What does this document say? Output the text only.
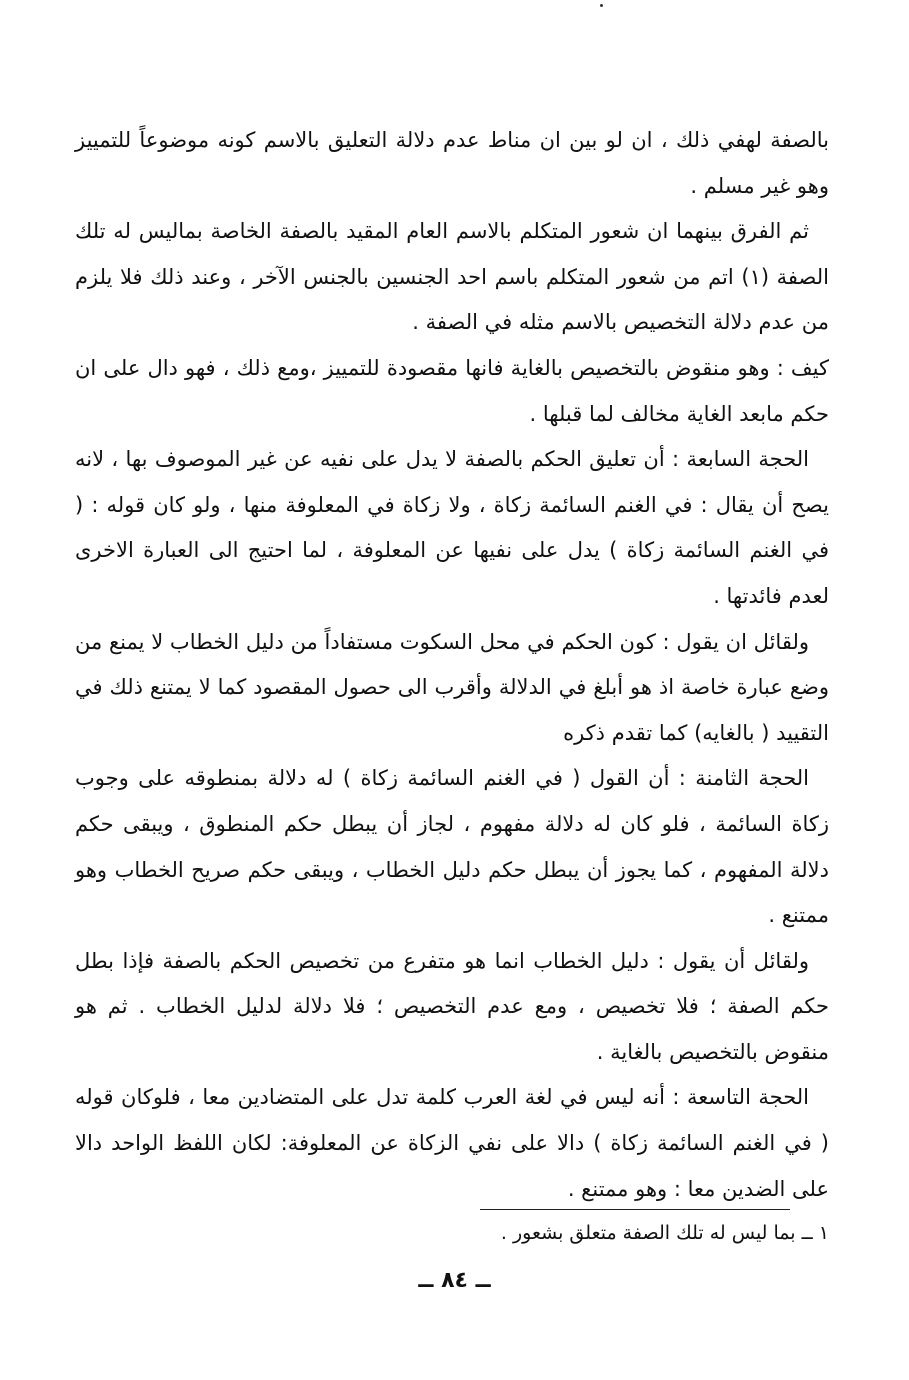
بالصفة لهفي ذلك ، ان لو بين ان مناط عدم دلالة التعليق بالاسم كونه موضوعاً للتمييز وهو غير مسلم .

ثم الفرق بينهما ان شعور المتكلم بالاسم العام المقيد بالصفة الخاصة بماليس له تلك الصفة (١) اتم من شعور المتكلم باسم احد الجنسين بالجنس الآخر ، وعند ذلك فلا يلزم من عدم دلالة التخصيص بالاسم مثله في الصفة .

كيف : وهو منقوض بالتخصيص بالغاية فانها مقصودة للتمييز ،ومع ذلك ، فهو دال على ان حكم مابعد الغاية مخالف لما قبلها .

الحجة السابعة : أن تعليق الحكم بالصفة لا يدل على نفيه عن غير الموصوف بها ، لانه يصح أن يقال : في الغنم السائمة زكاة ، ولا زكاة في المعلوفة منها ، ولو كان قوله : ( في الغنم السائمة زكاة ) يدل على نفيها عن المعلوفة ، لما احتيج الى العبارة الاخرى لعدم فائدتها .

ولقائل ان يقول : كون الحكم في محل السكوت مستفاداً من دليل الخطاب لا يمنع من وضع عبارة خاصة اذ هو أبلغ في الدلالة وأقرب الى حصول المقصود كما لا يمتنع ذلك في التقييد ( بالغايه) كما تقدم ذكره

الحجة الثامنة : أن القول ( في الغنم السائمة زكاة ) له دلالة بمنطوقه على وجوب زكاة السائمة ، فلو كان له دلالة مفهوم ، لجاز أن يبطل حكم المنطوق ، ويبقى حكم دلالة المفهوم ، كما يجوز أن يبطل حكم دليل الخطاب ، ويبقى حكم صريح الخطاب وهو ممتنع .

ولقائل أن يقول : دليل الخطاب انما هو متفرع من تخصيص الحكم بالصفة فإذا بطل حكم الصفة ؛ فلا تخصيص ، ومع عدم التخصيص ؛ فلا دلالة لدليل الخطاب . ثم هو منقوض بالتخصيص بالغاية .

الحجة التاسعة : أنه ليس في لغة العرب كلمة تدل على المتضادين معا ، فلوكان قوله ( في الغنم السائمة زكاة ) دالا على نفي الزكاة عن المعلوفة: لكان اللفظ الواحد دالا على الضدين معا : وهو ممتنع .

١ ــ بما ليس له تلك الصفة متعلق بشعور .
ــ ٨٤ ــ
